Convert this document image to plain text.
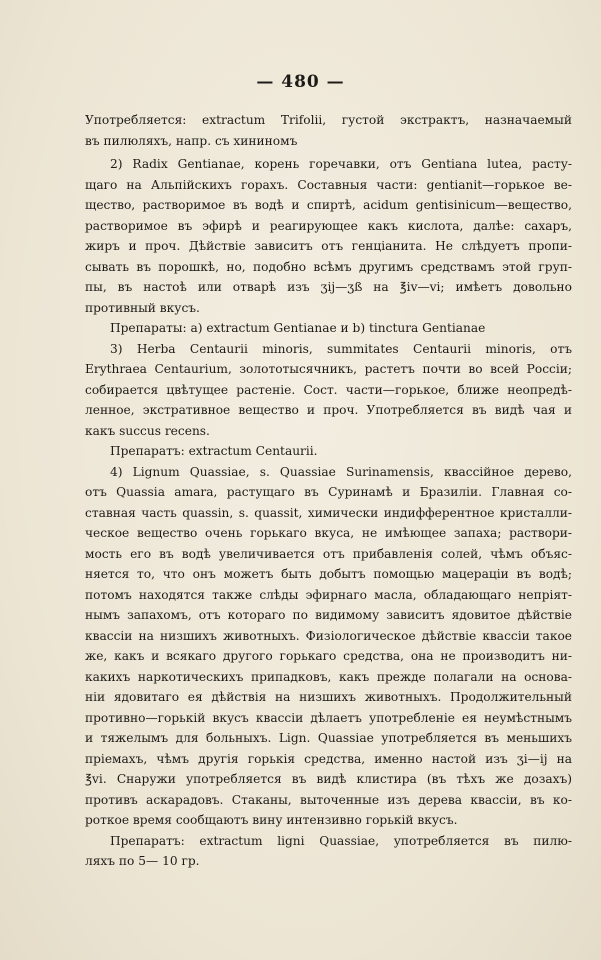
— 480 —
Употребляется: extractum Trifolii, густой экстрактъ, назначаемый
въ пилюляхъ, напр. съ хининомъ
2) Radix Gentianae, корень горечавки, отъ Gentiana lutea, расту-
щаго на Альпійскихъ горахъ. Составныя части: gentianit—горькое ве-
щество, растворимое въ водѣ и спиртѣ, acidum gentisinicum—вещество,
растворимое въ эфирѣ и реагирующее какъ кислота, далѣе: сахаръ,
жиръ и проч. Дѣйствіе зависитъ отъ генціанита. Не слѣдуетъ пропи-
сывать въ порошкѣ, но, подобно всѣмъ другимъ средствамъ этой груп-
пы, въ настоѣ или отварѣ изъ ʒij—ʒß на ℥iv—vi; имѣетъ довольно
противный вкусъ.
Препараты: а) extractum Gentianae и b) tinctura Gentianae
3) Herba Centaurii minoris, summitates Centaurii minoris, отъ
Erythraea Centaurium, золототысячникъ, растетъ почти во всей Россіи;
собирается цвѣтущее растеніе. Сост. части—горькое, ближе неопредѣ-
ленное, экстративное вещество и проч. Употребляется въ видѣ чая и
какъ succus recens.
Препаратъ: extractum Centaurii.
4) Lignum Quassiae, s. Quassiae Surinamensis, квассійное дерево,
отъ Quassia amara, растущаго въ Суринамѣ и Бразиліи. Главная со-
ставная часть quassin, s. quassit, химически индифферентное кристалли-
ческое вещество очень горькаго вкуса, не имѣющее запаха; раствори-
мость его въ водѣ увеличивается отъ прибавленія солей, чѣмъ объяс-
няется то, что онъ можетъ быть добытъ помощью мацераціи въ водѣ;
потомъ находятся также слѣды эфирнаго масла, обладающаго непріят-
нымъ запахомъ, отъ котораго по видимому зависитъ ядовитое дѣйствіе
квассіи на низшихъ животныхъ. Физіологическое дѣйствіе квассіи такое
же, какъ и всякаго другого горькаго средства, она не производитъ ни-
какихъ наркотическихъ припадковъ, какъ прежде полагали на основа-
ніи ядовитаго ея дѣйствія на низшихъ животныхъ. Продолжительный
противно—горькій вкусъ квассіи дѣлаетъ употребленіе ея неумѣстнымъ
и тяжелымъ для больныхъ. Lign. Quassiae употребляется въ меньшихъ
пріемахъ, чѣмъ другія горькія средства, именно настой изъ ʒi—ij на
℥vi. Снаружи употребляется въ видѣ клистира (въ тѣхъ же дозахъ)
противъ аскарадовъ. Стаканы, выточенные изъ дерева квассіи, въ ко-
роткое время сообщаютъ вину интензивно горькій вкусъ.
Препаратъ: extractum ligni Quassiae, употребляется въ пилю-
ляхъ по 5— 10 гр.
